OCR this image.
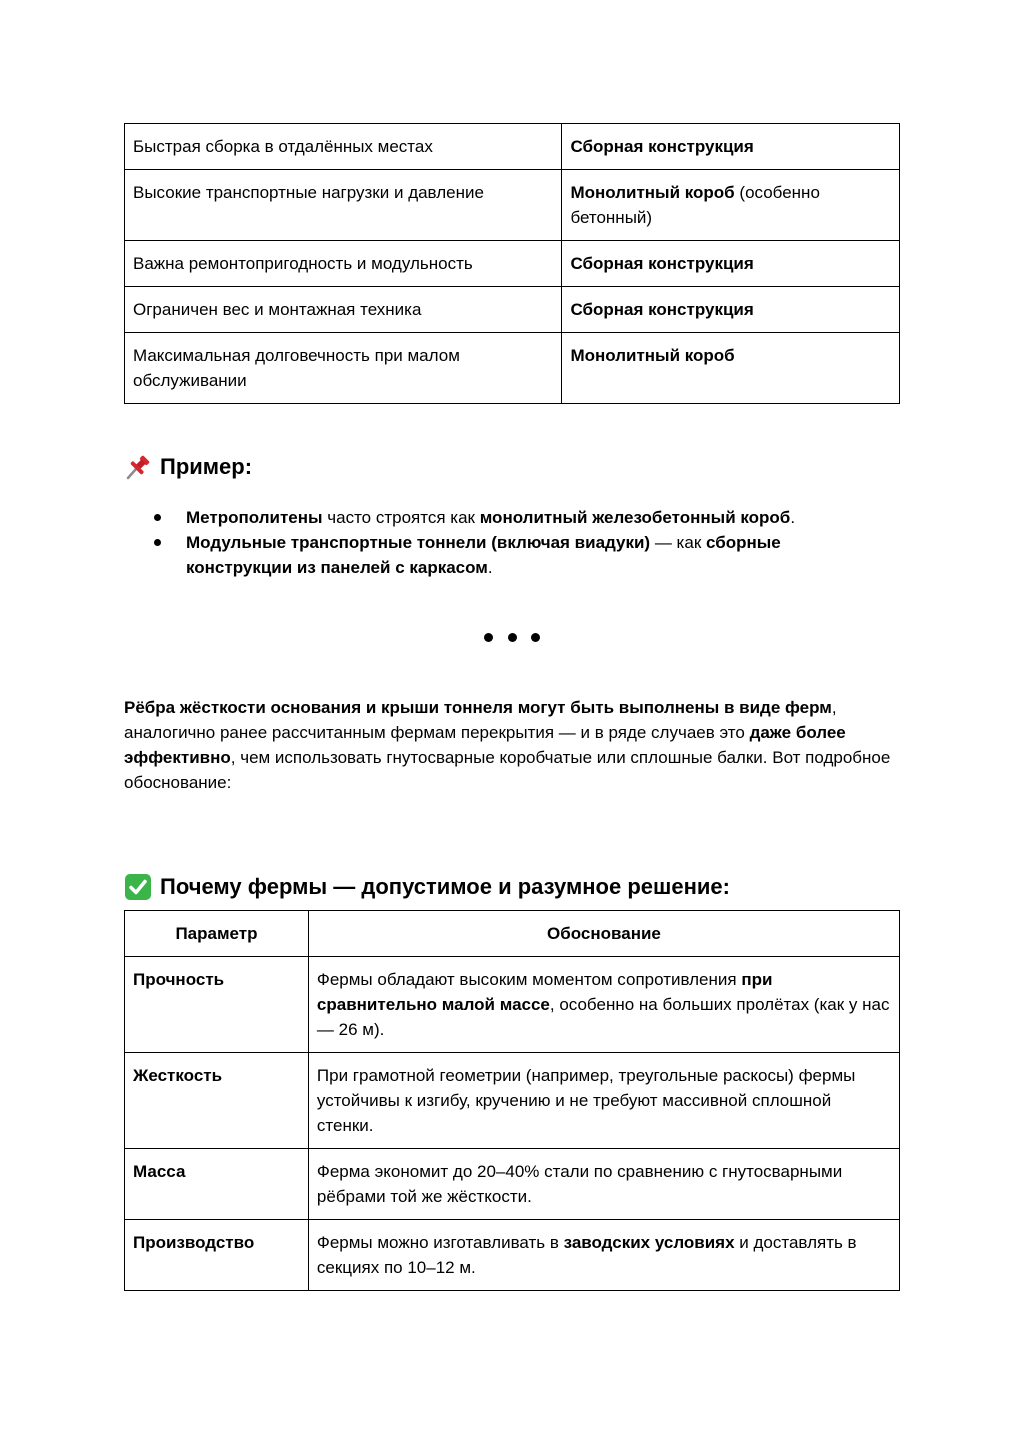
Быстрая сборка в отдалённых местах	Сборная конструкция
Высокие транспортные нагрузки и давление	Монолитный короб (особенно бетонный)
Важна ремонтопригодность и модульность	Сборная конструкция
Ограничен вес и монтажная техника	Сборная конструкция
Максимальная долговечность при малом обслуживании	Монолитный короб
Пример:
Метрополитены часто строятся как монолитный железобетонный короб.
Модульные транспортные тоннели (включая виадуки) — как сборные конструкции из панелей с каркасом.

Рёбра жёсткости основания и крыши тоннеля могут быть выполнены в виде ферм, аналогично ранее рассчитанным фермам перекрытия — и в ряде случаев это даже более эффективно, чем использовать гнутосварные коробчатые или сплошные балки. Вот подробное обоснование:

Почему фермы — допустимое и разумное решение:
Параметр	Обоснование
Прочность	Фермы обладают высоким моментом сопротивления при сравнительно малой массе, особенно на больших пролётах (как у нас — 26 м).
Жесткость	При грамотной геометрии (например, треугольные раскосы) фермы устойчивы к изгибу, кручению и не требуют массивной сплошной стенки.
Масса	Ферма экономит до 20–40% стали по сравнению с гнутосварными рёбрами той же жёсткости.
Производство	Фермы можно изготавливать в заводских условиях и доставлять в секциях по 10–12 м.
